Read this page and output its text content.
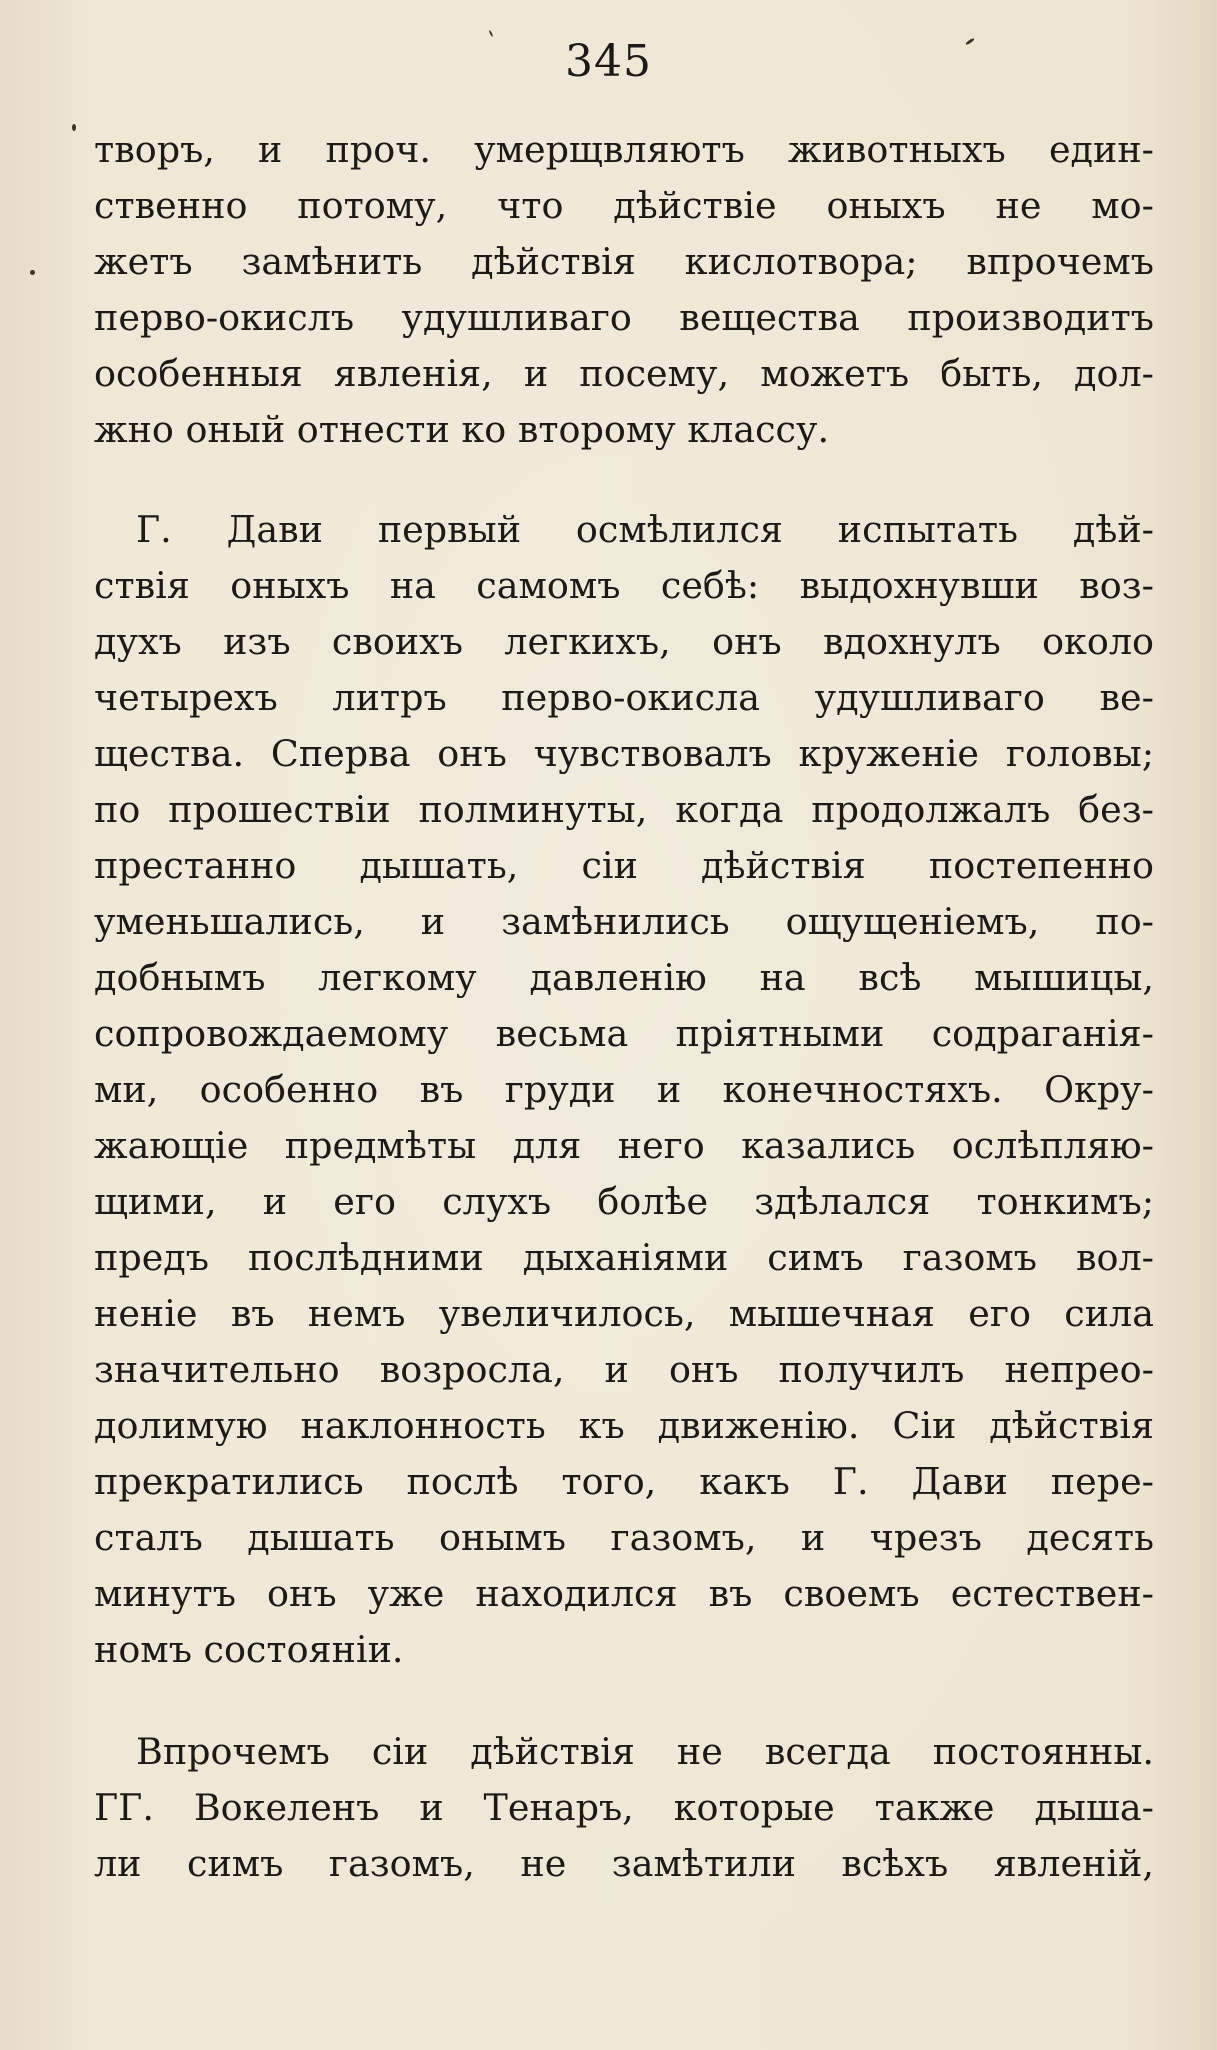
345
творъ, и проч. умерщвляютъ животныхъ един-
ственно потому, что дѣйствіе оныхъ не мо-
жетъ замѣнить дѣйствія кислотвора; впрочемъ
перво-окислъ удушливаго вещества производитъ
особенныя явленія, и посему, можетъ быть, дол-
жно оный отнести ко второму классу.
Г. Дави первый осмѣлился испытать дѣй-
ствія оныхъ на самомъ себѣ: выдохнувши воз-
духъ изъ своихъ легкихъ, онъ вдохнулъ около
четырехъ литръ перво-окисла удушливаго ве-
щества. Сперва онъ чувствовалъ круженіе головы;
по прошествіи полминуты, когда продолжалъ без-
престанно дышать, сіи дѣйствія постепенно
уменьшались, и замѣнились ощущеніемъ, по-
добнымъ легкому давленію на всѣ мышицы,
сопровождаемому весьма пріятными содраганія-
ми, особенно въ груди и конечностяхъ. Окру-
жающіе предмѣты для него казались ослѣпляю-
щими, и его слухъ болѣе здѣлался тонкимъ;
предъ послѣдними дыханіями симъ газомъ вол-
неніе въ немъ увеличилось, мышечная его сила
значительно возросла, и онъ получилъ непрео-
долимую наклонность къ движенію. Сіи дѣйствія
прекратились послѣ того, какъ Г. Дави пере-
сталъ дышать онымъ газомъ, и чрезъ десять
минутъ онъ уже находился въ своемъ естествен-
номъ состояніи.
Впрочемъ сіи дѣйствія не всегда постоянны.
ГГ. Вокеленъ и Тенаръ, которые также дыша-
ли симъ газомъ, не замѣтили всѣхъ явленій,
